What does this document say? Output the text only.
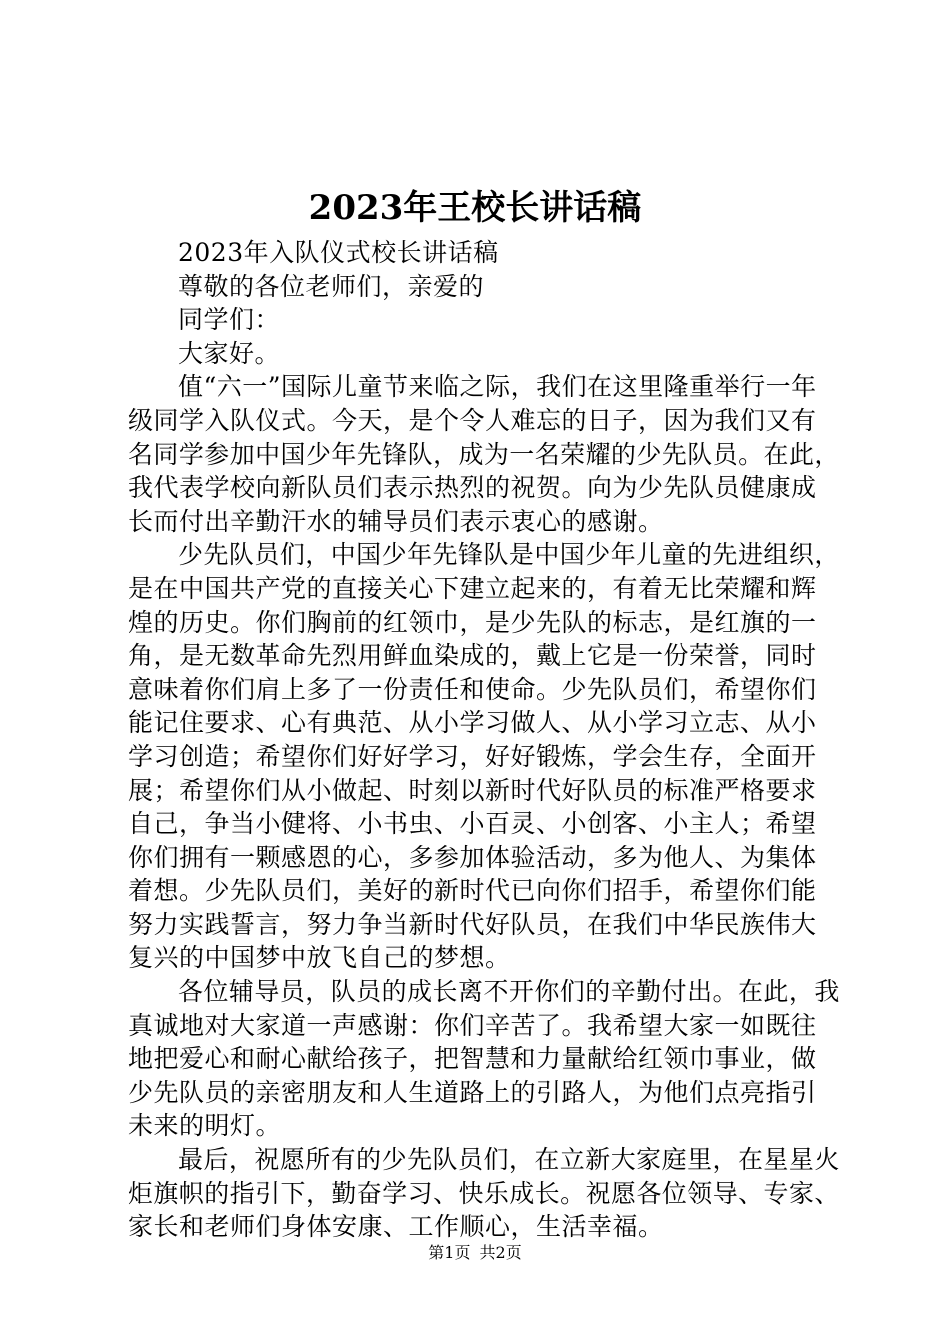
2023年王校长讲话稿
2023年入队仪式校长讲话稿
尊敬的各位老师们，亲爱的
同学们：
大家好。
值“六一”国际儿童节来临之际，我们在这里隆重举行一年
级同学入队仪式。今天，是个令人难忘的日子，因为我们又有
名同学参加中国少年先锋队，成为一名荣耀的少先队员。在此，
我代表学校向新队员们表示热烈的祝贺。向为少先队员健康成
长而付出辛勤汗水的辅导员们表示衷心的感谢。
少先队员们，中国少年先锋队是中国少年儿童的先进组织，
是在中国共产党的直接关心下建立起来的，有着无比荣耀和辉
煌的历史。你们胸前的红领巾，是少先队的标志，是红旗的一
角，是无数革命先烈用鲜血染成的，戴上它是一份荣誉，同时
意味着你们肩上多了一份责任和使命。少先队员们，希望你们
能记住要求、心有典范、从小学习做人、从小学习立志、从小
学习创造；希望你们好好学习，好好锻炼，学会生存，全面开
展；希望你们从小做起、时刻以新时代好队员的标准严格要求
自己，争当小健将、小书虫、小百灵、小创客、小主人；希望
你们拥有一颗感恩的心，多参加体验活动，多为他人、为集体
着想。少先队员们，美好的新时代已向你们招手，希望你们能
努力实践誓言，努力争当新时代好队员，在我们中华民族伟大
复兴的中国梦中放飞自己的梦想。
各位辅导员，队员的成长离不开你们的辛勤付出。在此，我
真诚地对大家道一声感谢：你们辛苦了。我希望大家一如既往
地把爱心和耐心献给孩子，把智慧和力量献给红领巾事业，做
少先队员的亲密朋友和人生道路上的引路人，为他们点亮指引
未来的明灯。
最后，祝愿所有的少先队员们，在立新大家庭里，在星星火
炬旗帜的指引下，勤奋学习、快乐成长。祝愿各位领导、专家、
家长和老师们身体安康、工作顺心，生活幸福。
第1页 共2页
